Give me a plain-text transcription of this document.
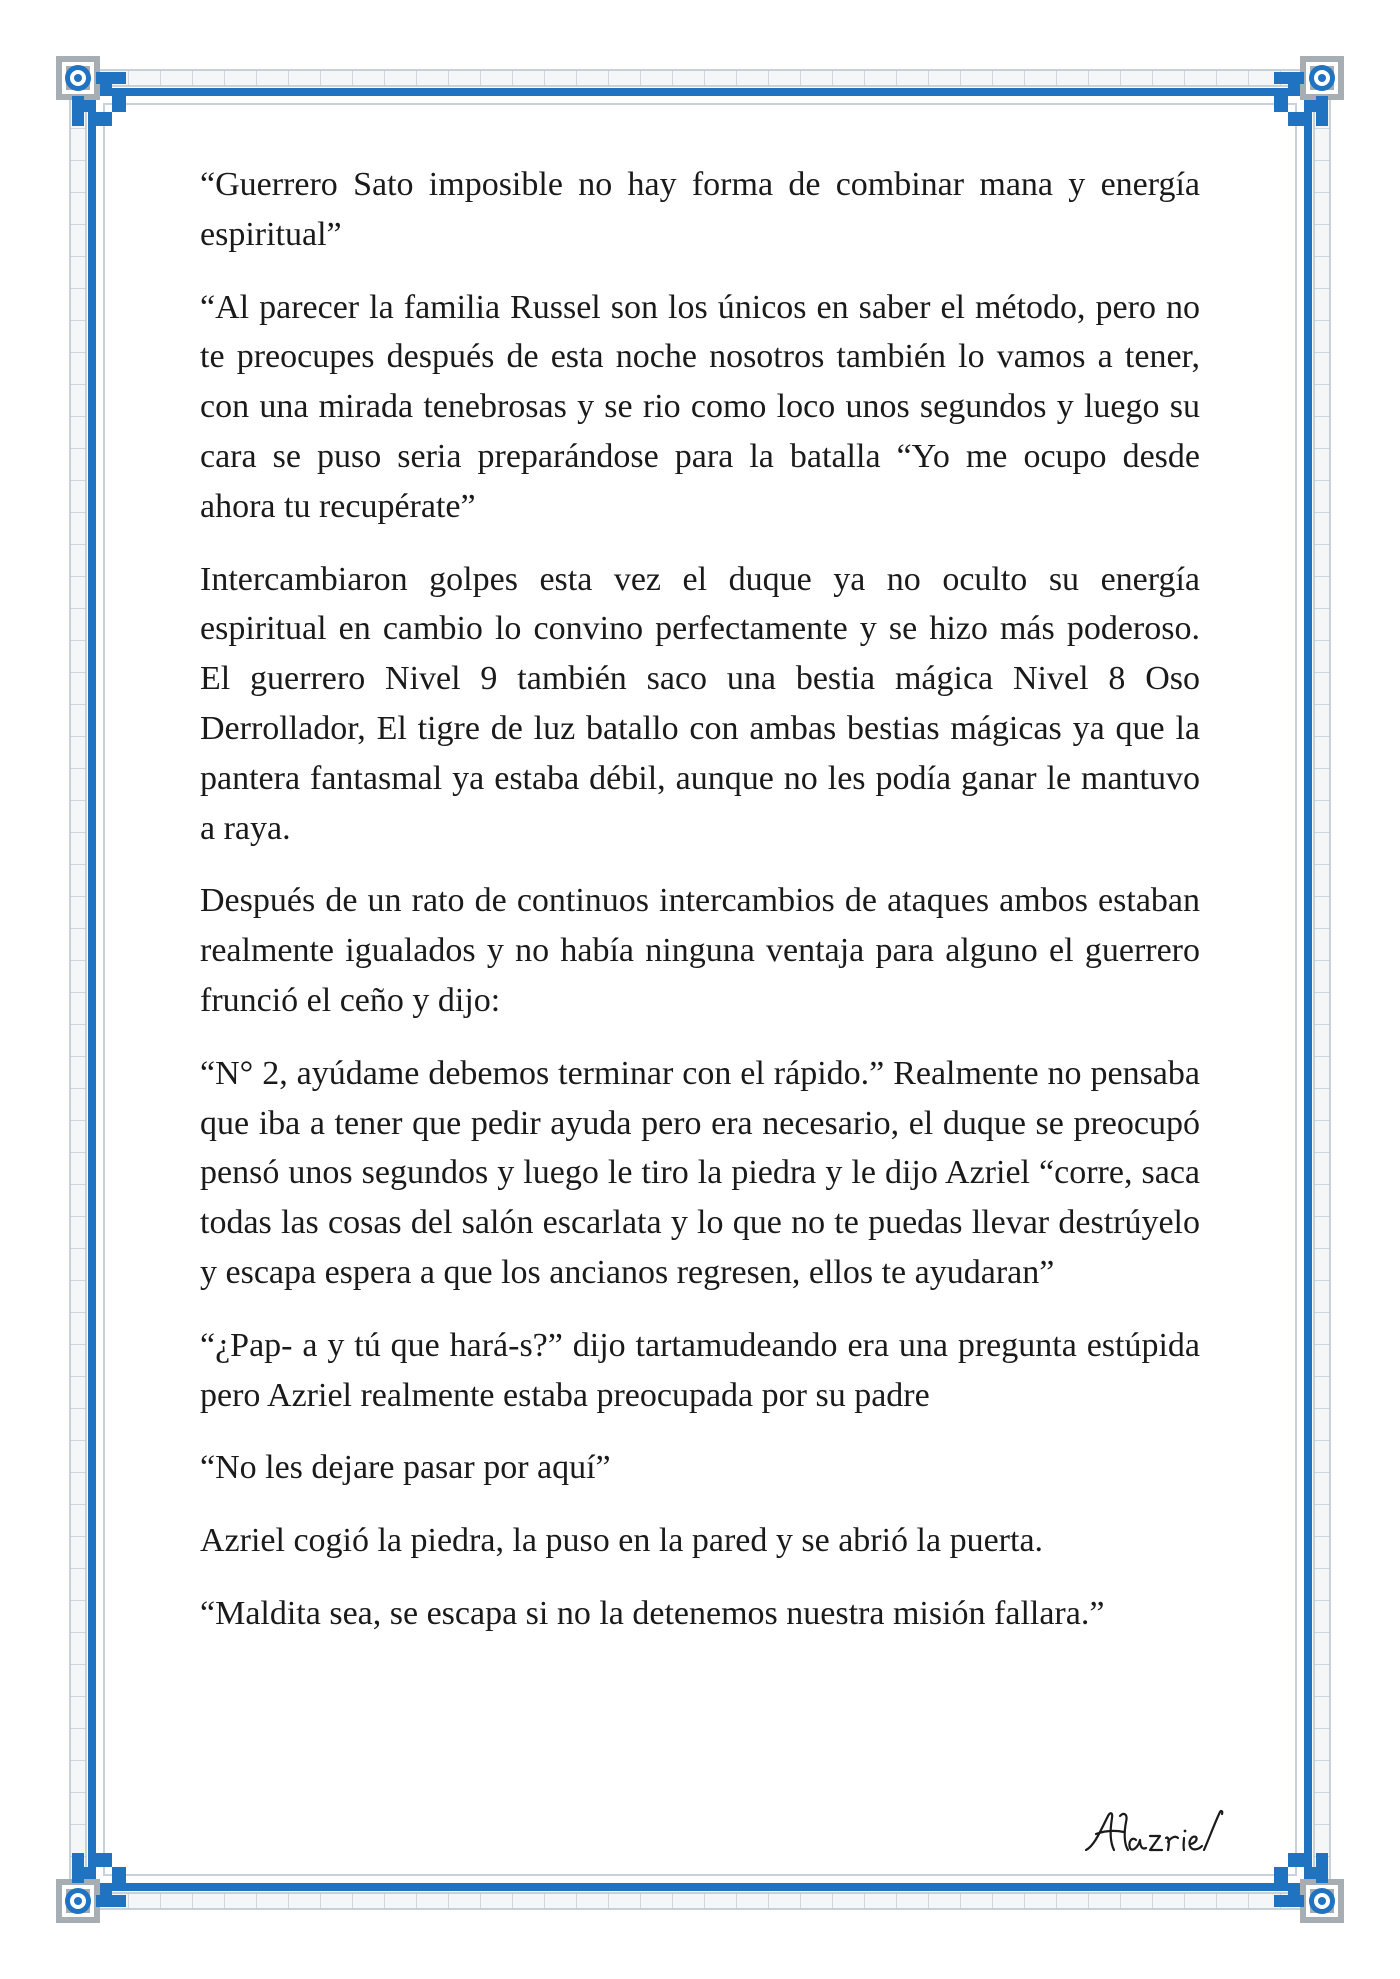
“Guerrero Sato imposible no hay forma de combinar mana y energía espiritual”

“Al parecer la familia Russel son los únicos en saber el método, pero no te preocupes después de esta noche nosotros también lo vamos a tener, con una mirada tenebrosas y se rio como loco unos segundos y luego su cara se puso seria preparándose para la batalla “Yo me ocupo desde ahora tu recupérate”

Intercambiaron golpes esta vez el duque ya no oculto su energía espiritual en cambio lo convino perfectamente y se hizo más poderoso. El guerrero Nivel 9 también saco una bestia mágica Nivel 8 Oso Derrollador, El tigre de luz batallo con ambas bestias mágicas ya que la pantera fantasmal ya estaba débil, aunque no les podía ganar le mantuvo a raya.

Después de un rato de continuos intercambios de ataques ambos estaban realmente igualados y no había ninguna ventaja para alguno el guerrero frunció el ceño y dijo:

“N° 2, ayúdame debemos terminar con el rápido.” Realmente no pensaba que iba a tener que pedir ayuda pero era necesario, el duque se preocupó pensó unos segundos y luego le tiro la piedra y le dijo Azriel “corre, saca todas las cosas del salón escarlata y lo que no te puedas llevar destrúyelo y escapa espera a que los ancianos regresen, ellos te ayudaran”

“¿Pap- a y tú que hará-s?” dijo tartamudeando era una pregunta estúpida pero Azriel realmente estaba preocupada por su padre

“No les dejare pasar por aquí”

Azriel cogió la piedra, la puso en la pared y se abrió la puerta.

“Maldita sea, se escapa si no la detenemos nuestra misión fallara.”
